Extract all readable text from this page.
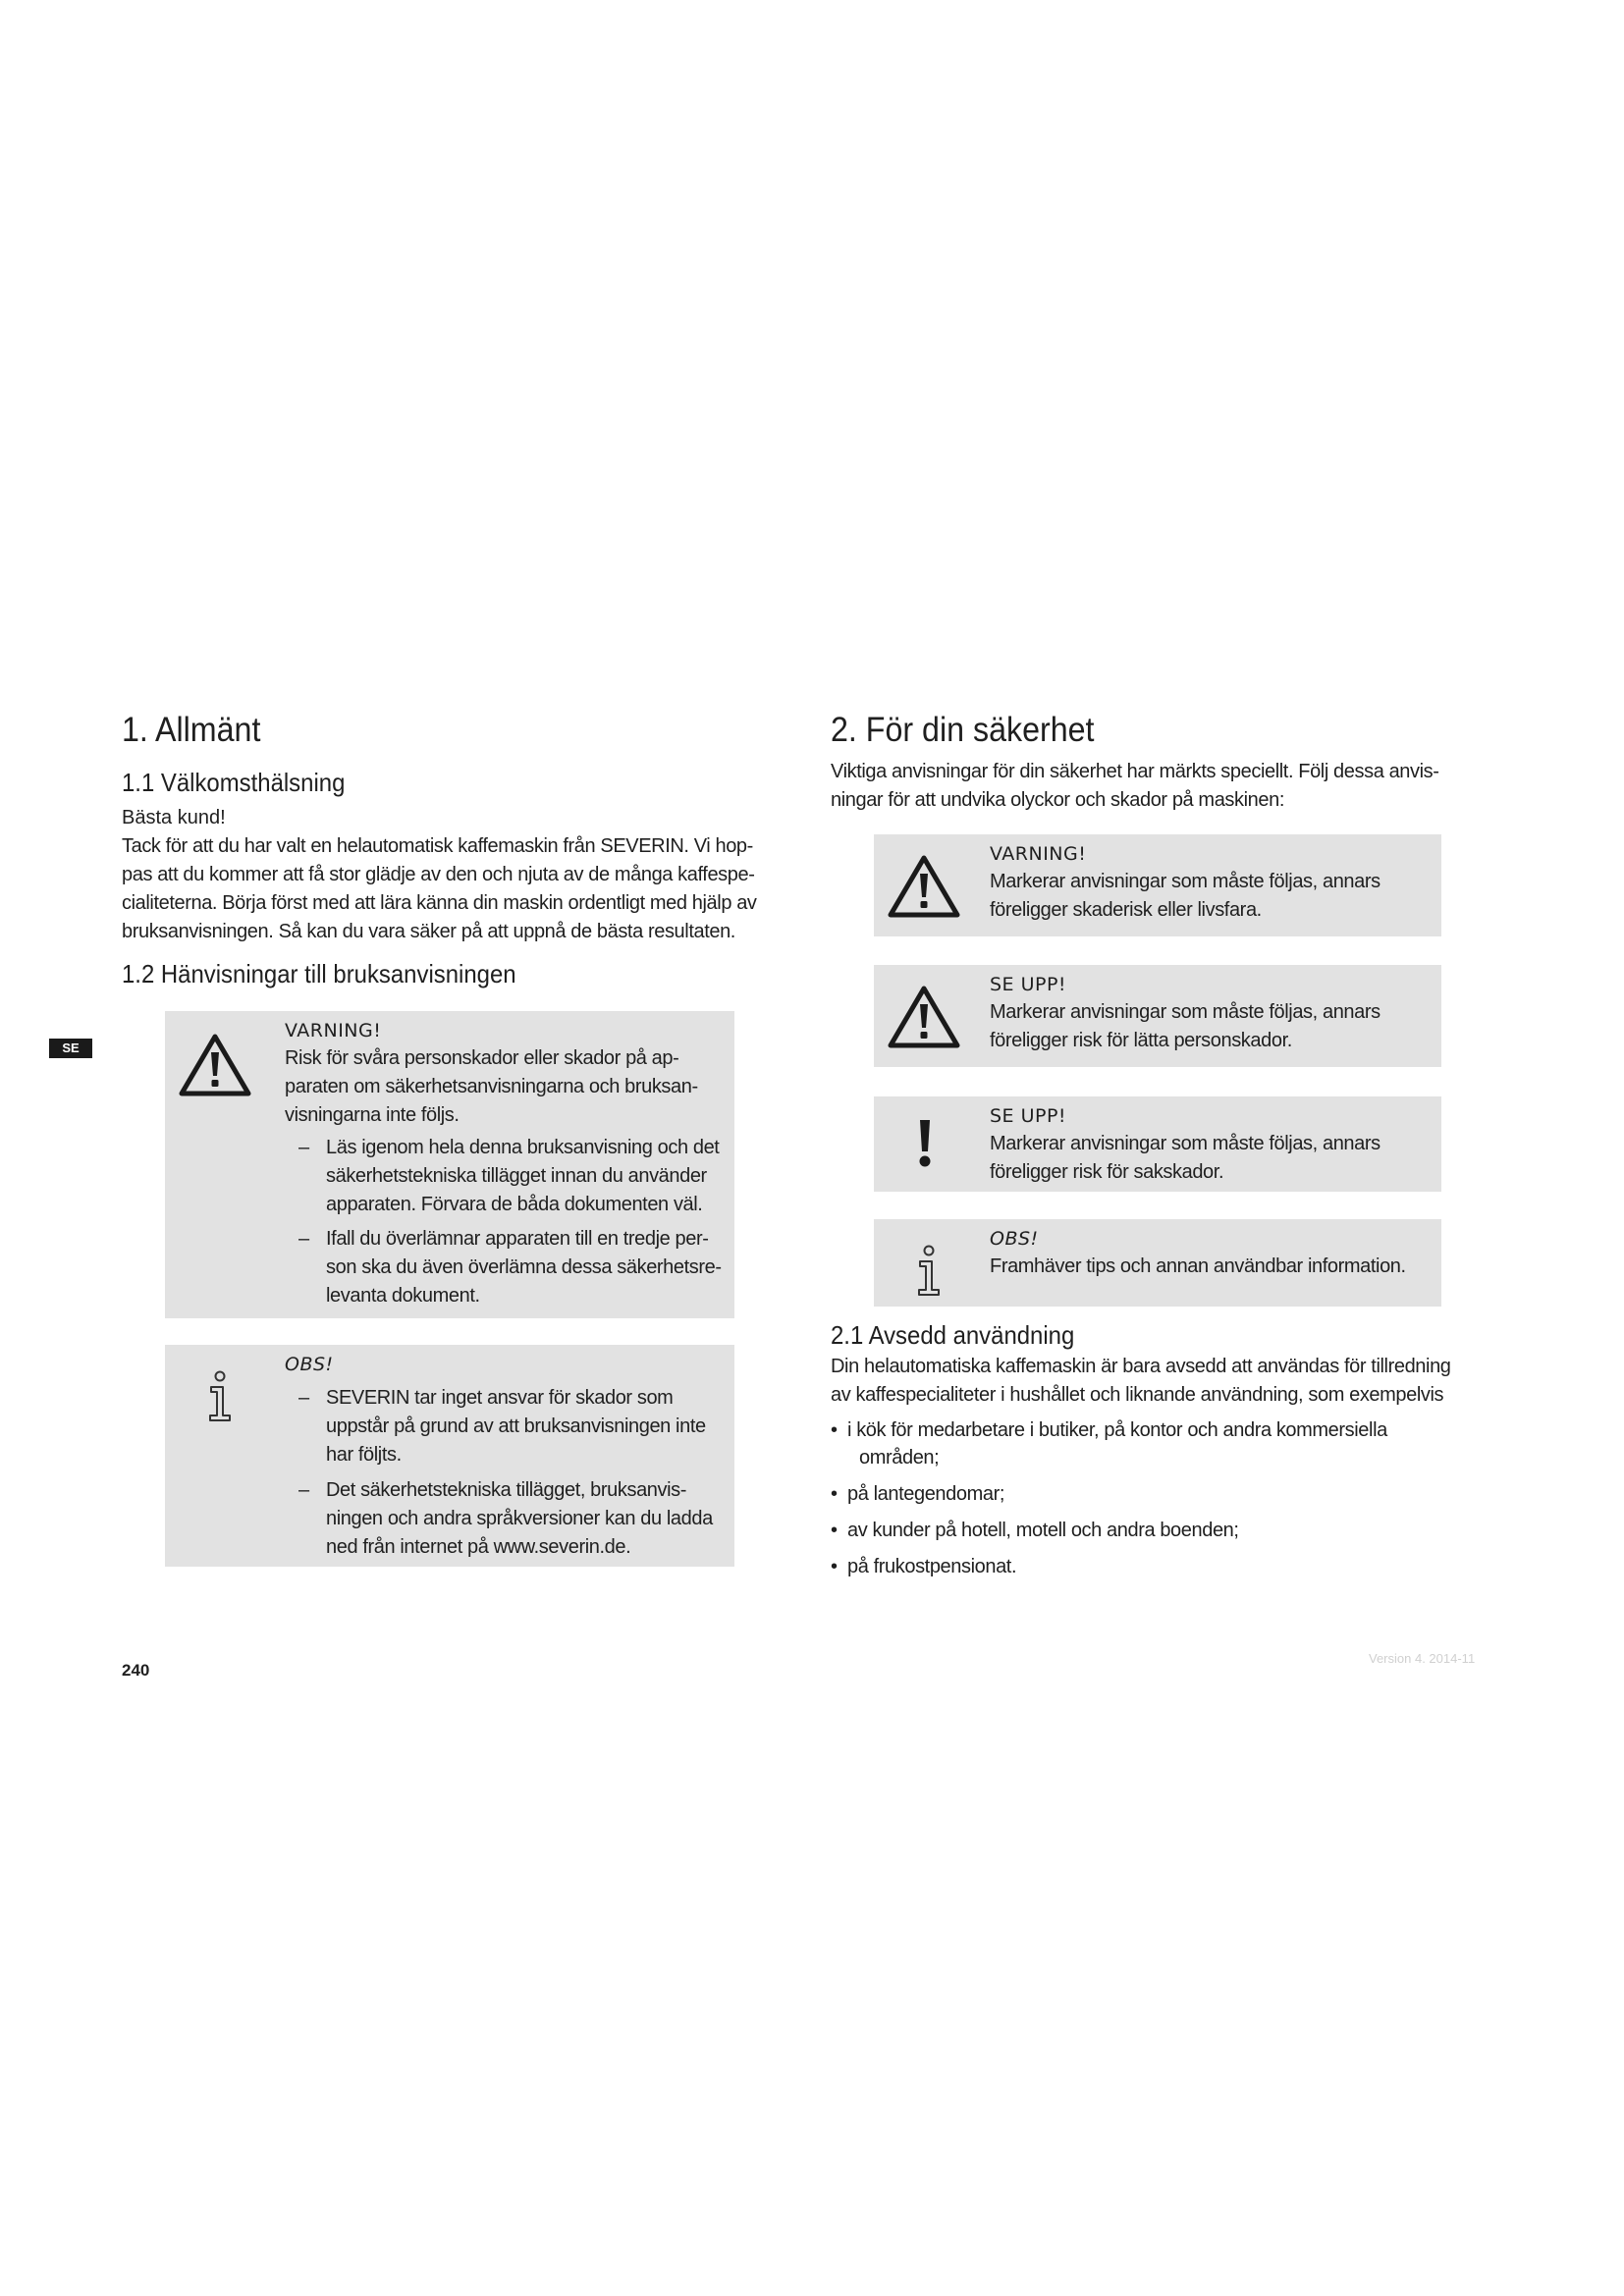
SE
1. Allmänt
1.1 Välkomsthälsning

Bästa kund!

Tack för att du har valt en helautomatisk kaffemaskin från SEVERIN. Vi hop-

pas att du kommer att få stor glädje av den och njuta av de många kaffespe-

cialiteterna. Börja först med att lära känna din maskin ordentligt med hjälp av

bruksanvisningen. Så kan du vara säker på att uppnå de bästa resultaten.

1.2 Hänvisningar till bruksanvisningen
VARNING!
Risk för svåra personskador eller skador på ap-
paraten om säkerhetsanvisningarna och bruksan-
visningarna inte följs.
– Läs igenom hela denna bruksanvisning och det
säkerhetstekniska tillägget innan du använder
apparaten. Förvara de båda dokumenten väl.
– Ifall du överlämnar apparaten till en tredje per-
son ska du även överlämna dessa säkerhetsre-
levanta dokument.
OBS!
– SEVERIN tar inget ansvar för skador som
uppstår på grund av att bruksanvisningen inte
har följts.
– Det säkerhetstekniska tillägget, bruksanvis-
ningen och andra språkversioner kan du ladda
ned från internet på www.severin.de.
2. För din säkerhet

Viktiga anvisningar för din säkerhet har märkts speciellt. Följ dessa anvis-

ningar för att undvika olyckor och skador på maskinen:

VARNING!
Markerar anvisningar som måste följas, annars
föreligger skaderisk eller livsfara.
SE UPP!
Markerar anvisningar som måste följas, annars
föreligger risk för lätta personskador.
SE UPP!
Markerar anvisningar som måste följas, annars
föreligger risk för sakskador.
OBS!
Framhäver tips och annan användbar information.
2.1 Avsedd användning

Din helautomatiska kaffemaskin är bara avsedd att användas för tillredning

av kaffespecialiteter i hushållet och liknande användning, som exempelvis

• i kök för medarbetare i butiker, på kontor och andra kommersiella
områden;
• på lantegendomar;
• av kunder på hotell, motell och andra boenden;
• på frukostpensionat.
240
Version 4. 2014-11
